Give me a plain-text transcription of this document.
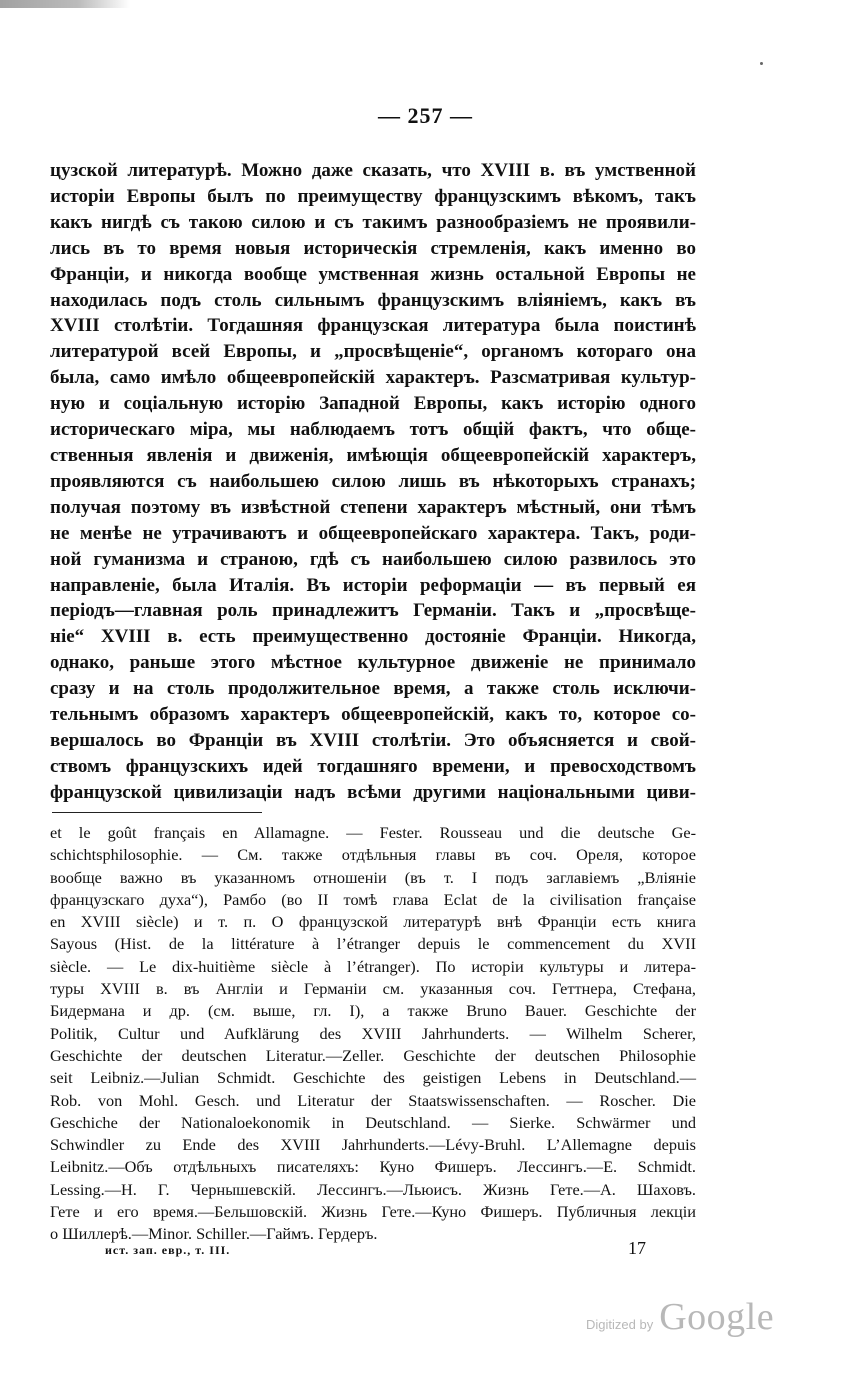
— 257 —
цузской литературѣ. Можно даже сказать, что XVIII в. въ умственной
исторіи Европы былъ по преимуществу французскимъ вѣкомъ, такъ
какъ нигдѣ съ такою силою и съ такимъ разнообразіемъ не проявили-
лись въ то время новыя историческія стремленія, какъ именно во
Франціи, и никогда вообще умственная жизнь остальной Европы не
находилась подъ столь сильнымъ французскимъ вліяніемъ, какъ въ
XVIII столѣтіи. Тогдашняя французская литература была поистинѣ
литературой всей Европы, и „просвѣщеніе“, органомъ котораго она
была, само имѣло общеевропейскій характеръ. Разсматривая культур-
ную и соціальную исторію Западной Европы, какъ исторію одного
историческаго міра, мы наблюдаемъ тотъ общій фактъ, что обще-
ственныя явленія и движенія, имѣющія общеевропейскій характеръ,
проявляются съ наибольшею силою лишь въ нѣкоторыхъ странахъ;
получая поэтому въ извѣстной степени характеръ мѣстный, они тѣмъ
не менѣе не утрачиваютъ и общеевропейскаго характера. Такъ, роди-
ной гуманизма и страною, гдѣ съ наибольшею силою развилось это
направленіе, была Италія. Въ исторіи реформаціи — въ первый ея
періодъ—главная роль принадлежитъ Германіи. Такъ и „просвѣще-
ніе“ XVIII в. есть преимущественно достояніе Франціи. Никогда,
однако, раньше этого мѣстное культурное движеніе не принимало
сразу и на столь продолжительное время, а также столь исключи-
тельнымъ образомъ характеръ общеевропейскій, какъ то, которое со-
вершалось во Франціи въ XVIII столѣтіи. Это объясняется и свой-
ствомъ французскихъ идей тогдашняго времени, и превосходствомъ
французской цивилизаціи надъ всѣми другими національными циви-
et le goût français en Allamagne. — Fester. Rousseau und die deutsche Ge-
schichtsphilosophie. — См. также отдѣльныя главы въ соч. Ореля, которое
вообще важно въ указанномъ отношеніи (въ т. I подъ заглавіемъ „Вліяніе
французскаго духа“), Рамбо (во II томѣ глава Eclat de la civilisation française
en XVIII siècle) и т. п. О французской литературѣ внѣ Франціи есть книга
Sayous (Hist. de la littérature à l’étranger depuis le commencement du XVII
siècle. — Le dix-huitième siècle à l’étranger). По исторіи культуры и литера-
туры XVIII в. въ Англіи и Германіи см. указанныя соч. Геттнера, Стефана,
Бидермана и др. (см. выше, гл. I), а также Bruno Bauer. Geschichte der
Politik, Cultur und Aufklärung des XVIII Jahrhunderts. — Wilhelm Scherer,
Geschichte der deutschen Literatur.—Zeller. Geschichte der deutschen Philosophie
seit Leibniz.—Julian Schmidt. Geschichte des geistigen Lebens in Deutschland.—
Rob. von Mohl. Gesch. und Literatur der Staatswissenschaften. — Roscher. Die
Geschiche der Nationaloekonomik in Deutschland. — Sierke. Schwärmer und
Schwindler zu Ende des XVIII Jahrhunderts.—Lévy-Bruhl. L’Allemagne depuis
Leibnitz.—Объ отдѣльныхъ писателяхъ: Куно Фишеръ. Лессингъ.—E. Schmidt.
Lessing.—Н. Г. Чернышевскій. Лессингъ.—Льюисъ. Жизнь Гете.—А. Шаховъ.
Гете и его время.—Бельшовскій. Жизнь Гете.—Куно Фишеръ. Публичныя лекціи
о Шиллерѣ.—Minor. Schiller.—Гаймъ. Гердеръ.
ист. зап. евр., т. III.	17
Digitized by Google
